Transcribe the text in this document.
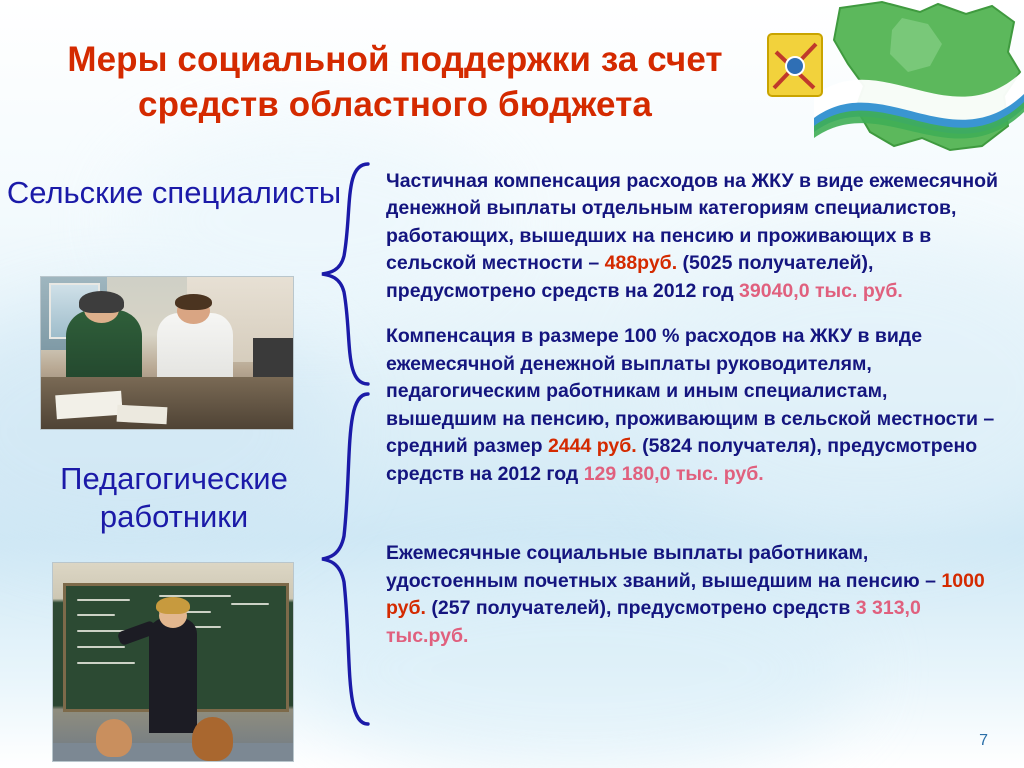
Меры социальной поддержки за счет средств областного бюджета
Сельские специалисты
Педагогические работники
Частичная компенсация расходов на ЖКУ в виде ежемесячной денежной выплаты отдельным категориям специалистов, работающих, вышедших на пенсию и проживающих в в сельской местности – 488руб. (5025 получателей), предусмотрено средств на 2012 год 39040,0 тыс. руб.
Компенсация в размере 100 % расходов на ЖКУ в виде ежемесячной денежной выплаты руководителям, педагогическим работникам и иным специалистам, вышедшим на пенсию, проживающим в сельской местности – средний размер 2444 руб. (5824 получателя), предусмотрено средств на 2012 год 129 180,0 тыс. руб.
Ежемесячные социальные выплаты работникам, удостоенным почетных званий, вышедшим на пенсию – 1000 руб. (257 получателей), предусмотрено средств 3 313,0 тыс.руб.
7
